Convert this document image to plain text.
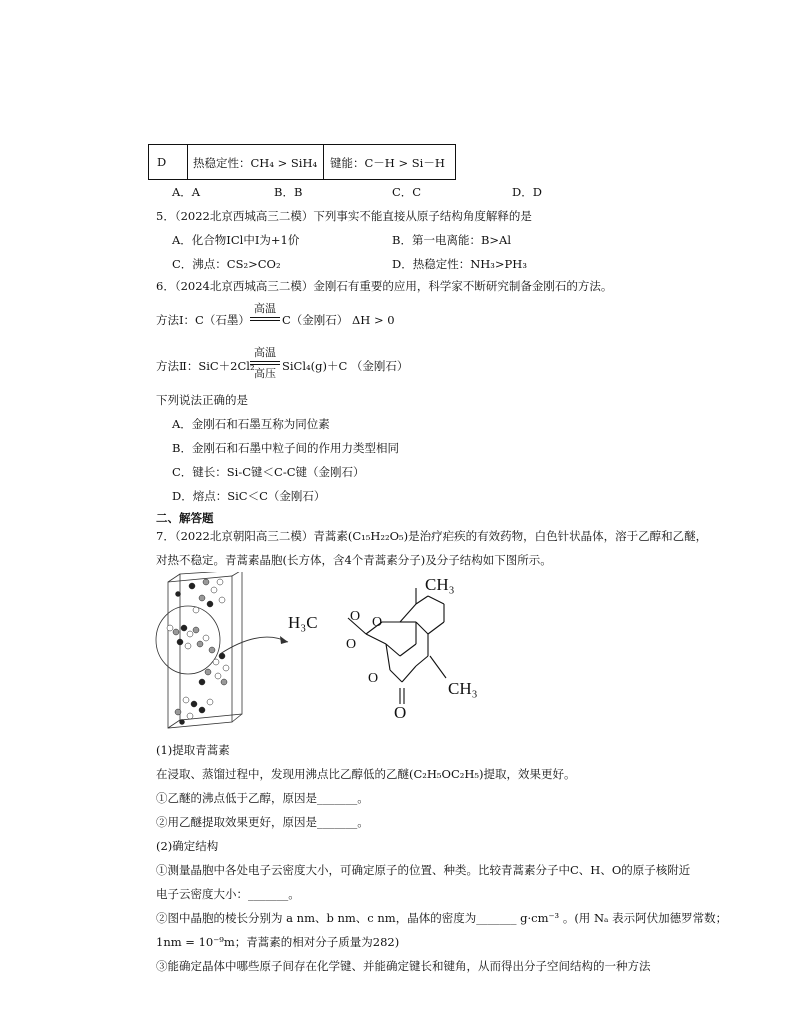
D 热稳定性：CH₄ > SiH₄ 键能：C－H > Si－H
A．A	B．B	C．C	D．D
5．（2022北京西城高三二模）下列事实不能直接从原子结构角度解释的是
A．化合物ICl中I为+1价	B．第一电离能：B>Al
C．沸点：CS₂>CO₂	D．热稳定性：NH₃>PH₃
6．（2024北京西城高三二模）金刚石有重要的应用，科学家不断研究制备金刚石的方法。
方法Ⅰ：C（石墨）
高温
C（金刚石） ΔH > 0
方法Ⅱ：SiC＋2Cl₂
高温
高压
SiCl₄(g)＋C （金刚石）
下列说法正确的是
A．金刚石和石墨互称为同位素
B．金刚石和石墨中粒子间的作用力类型相同
C．键长：Si-C键＜C-C键（金刚石）
D．熔点：SiC＜C（金刚石）
二、解答题
7．（2022北京朝阳高三二模）青蒿素(C₁₅H₂₂O₅)是治疗疟疾的有效药物，白色针状晶体，溶于乙醇和乙醚，
对热不稳定。青蒿素晶胞(长方体，含4个青蒿素分子)及分子结构如下图所示。
CH₃
H₃C
CH₃
O
O O
O
O
(1)提取青蒿素
在浸取、蒸馏过程中，发现用沸点比乙醇低的乙醚(C₂H₅OC₂H₅)提取，效果更好。
①乙醚的沸点低于乙醇，原因是_______。
②用乙醚提取效果更好，原因是_______。
(2)确定结构
①测量晶胞中各处电子云密度大小，可确定原子的位置、种类。比较青蒿素分子中C、H、O的原子核附近
电子云密度大小：_______。
②图中晶胞的棱长分别为 a nm、b nm、c nm，晶体的密度为_______ g·cm⁻³ 。(用 Nₐ 表示阿伏加德罗常数；
1nm = 10⁻⁹m；青蒿素的相对分子质量为282)
③能确定晶体中哪些原子间存在化学键、并能确定键长和键角，从而得出分子空间结构的一种方法
